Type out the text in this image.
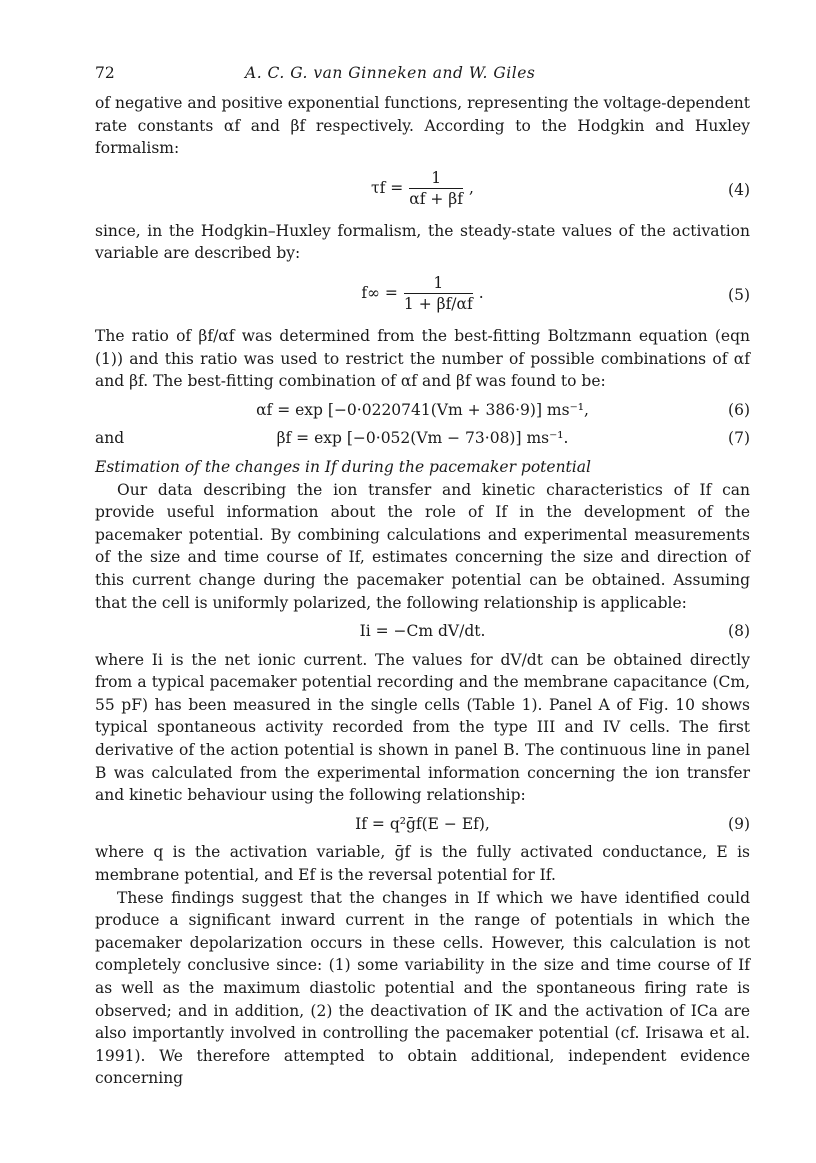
72	A. C. G. van Ginneken and W. Giles

of negative and positive exponential functions, representing the voltage-dependent rate constants αf and βf respectively. According to the Hodgkin and Huxley formalism:

$\tau f = \frac{1}{\alpha f + \beta f}$ ,	(4)

since, in the Hodgkin–Huxley formalism, the steady-state values of the activation variable are described by:

$f\infty = \frac{1}{1 + \beta f/\alpha f}$ .	(5)

The ratio of βf/αf was determined from the best-fitting Boltzmann equation (eqn (1)) and this ratio was used to restrict the number of possible combinations of αf and βf. The best-fitting combination of αf and βf was found to be:

αf = exp [−0·0220741(Vm + 386·9)] ms⁻¹,	(6)
and	βf = exp [−0·052(Vm − 73·08)] ms⁻¹.	(7)

Estimation of the changes in If during the pacemaker potential

Our data describing the ion transfer and kinetic characteristics of If can provide useful information about the role of If in the development of the pacemaker potential. By combining calculations and experimental measurements of the size and time course of If, estimates concerning the size and direction of this current change during the pacemaker potential can be obtained. Assuming that the cell is uniformly polarized, the following relationship is applicable:

Ii = −Cm dV/dt.	(8)

where Ii is the net ionic current. The values for dV/dt can be obtained directly from a typical pacemaker potential recording and the membrane capacitance (Cm, 55 pF) has been measured in the single cells (Table 1). Panel A of Fig. 10 shows typical spontaneous activity recorded from the type III and IV cells. The first derivative of the action potential is shown in panel B. The continuous line in panel B was calculated from the experimental information concerning the ion transfer and kinetic behaviour using the following relationship:

If = q²ḡf(E − Ef),	(9)

where q is the activation variable, ḡf is the fully activated conductance, E is membrane potential, and Ef is the reversal potential for If.

These findings suggest that the changes in If which we have identified could produce a significant inward current in the range of potentials in which the pacemaker depolarization occurs in these cells. However, this calculation is not completely conclusive since: (1) some variability in the size and time course of If as well as the maximum diastolic potential and the spontaneous firing rate is observed; and in addition, (2) the deactivation of IK and the activation of ICa are also importantly involved in controlling the pacemaker potential (cf. Irisawa et al. 1991). We therefore attempted to obtain additional, independent evidence concerning
